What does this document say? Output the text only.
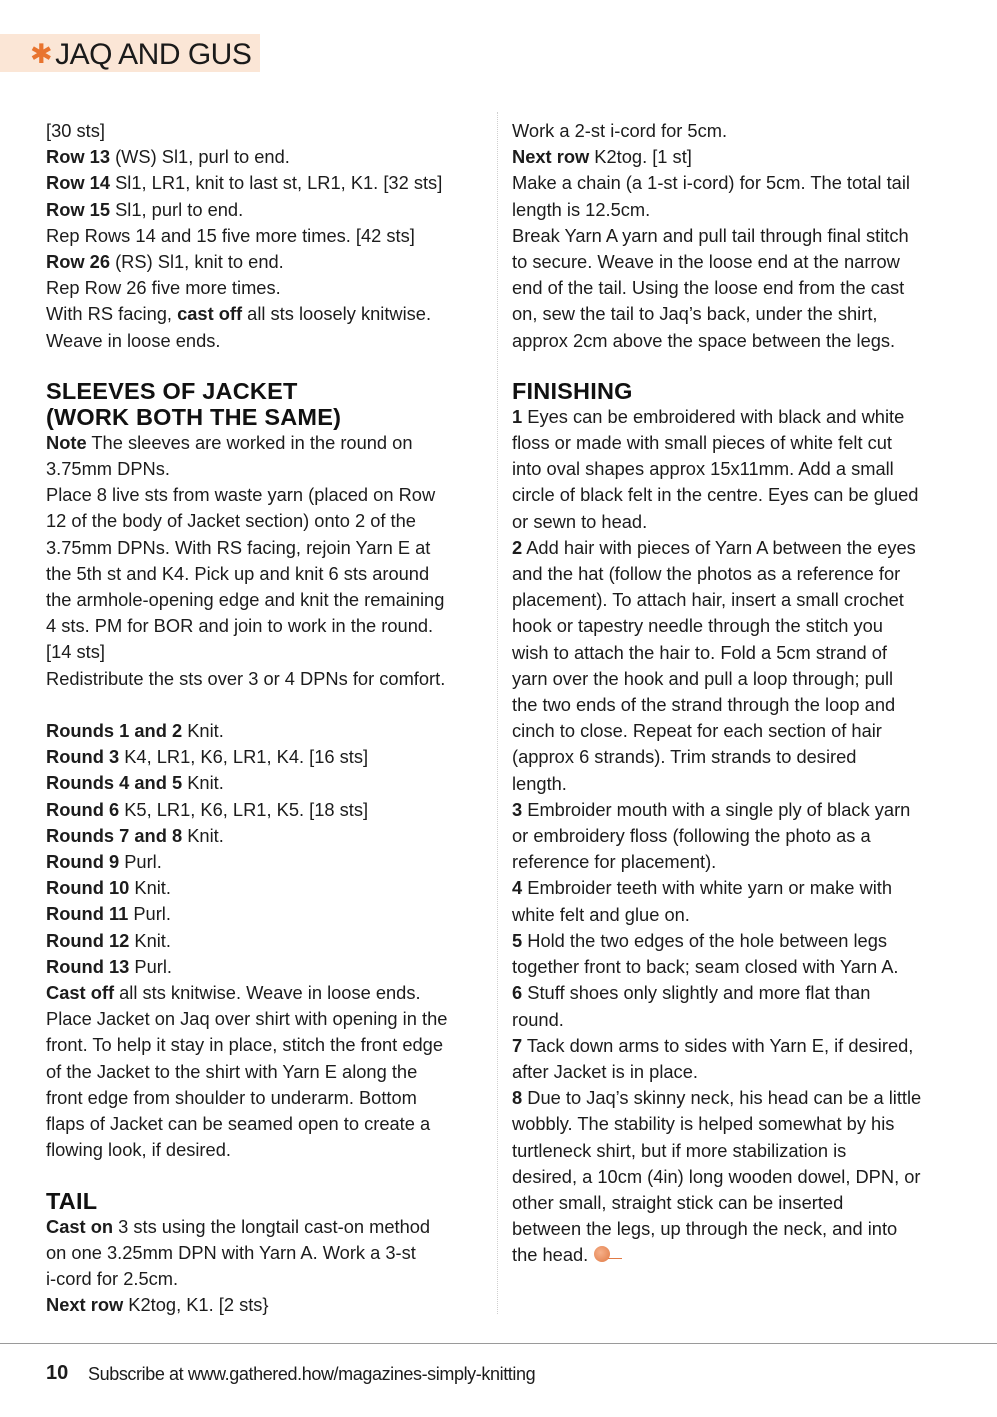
✱ JAQ AND GUS

[30 sts]

Row 13 (WS) Sl1, purl to end.

Row 14 Sl1, LR1, knit to last st, LR1, K1. [32 sts]

Row 15 Sl1, purl to end.

Rep Rows 14 and 15 five more times. [42 sts]

Row 26 (RS) Sl1, knit to end.

Rep Row 26 five more times.

With RS facing, cast off all sts loosely knitwise.

Weave in loose ends.

SLEEVES OF JACKET
(WORK BOTH THE SAME)

Note The sleeves are worked in the round on

3.75mm DPNs.

Place 8 live sts from waste yarn (placed on Row

12 of the body of Jacket section) onto 2 of the

3.75mm DPNs. With RS facing, rejoin Yarn E at

the 5th st and K4. Pick up and knit 6 sts around

the armhole-opening edge and knit the remaining

4 sts. PM for BOR and join to work in the round.

[14 sts]

Redistribute the sts over 3 or 4 DPNs for comfort.

Rounds 1 and 2 Knit.

Round 3 K4, LR1, K6, LR1, K4. [16 sts]

Rounds 4 and 5 Knit.

Round 6 K5, LR1, K6, LR1, K5. [18 sts]

Rounds 7 and 8 Knit.

Round 9 Purl.

Round 10 Knit.

Round 11 Purl.

Round 12 Knit.

Round 13 Purl.

Cast off all sts knitwise. Weave in loose ends.

Place Jacket on Jaq over shirt with opening in the

front. To help it stay in place, stitch the front edge

of the Jacket to the shirt with Yarn E along the

front edge from shoulder to underarm. Bottom

flaps of Jacket can be seamed open to create a

flowing look, if desired.

TAIL

Cast on 3 sts using the longtail cast-on method

on one 3.25mm DPN with Yarn A. Work a 3-st

i-cord for 2.5cm.

Next row K2tog, K1. [2 sts}

Work a 2-st i-cord for 5cm.

Next row K2tog. [1 st]

Make a chain (a 1-st i-cord) for 5cm. The total tail

length is 12.5cm.

Break Yarn A yarn and pull tail through final stitch

to secure. Weave in the loose end at the narrow

end of the tail. Using the loose end from the cast

on, sew the tail to Jaq’s back, under the shirt,

approx 2cm above the space between the legs.

FINISHING

1 Eyes can be embroidered with black and white

floss or made with small pieces of white felt cut

into oval shapes approx 15x11mm. Add a small

circle of black felt in the centre. Eyes can be glued

or sewn to head.

2 Add hair with pieces of Yarn A between the eyes

and the hat (follow the photos as a reference for

placement). To attach hair, insert a small crochet

hook or tapestry needle through the stitch you

wish to attach the hair to. Fold a 5cm strand of

yarn over the hook and pull a loop through; pull

the two ends of the strand through the loop and

cinch to close. Repeat for each section of hair

(approx 6 strands). Trim strands to desired

length.

3 Embroider mouth with a single ply of black yarn

or embroidery floss (following the photo as a

reference for placement).

4 Embroider teeth with white yarn or make with

white felt and glue on.

5 Hold the two edges of the hole between legs

together front to back; seam closed with Yarn A.

6 Stuff shoes only slightly and more flat than

round.

7 Tack down arms to sides with Yarn E, if desired,

after Jacket is in place.

8 Due to Jaq’s skinny neck, his head can be a little

wobbly. The stability is helped somewhat by his

turtleneck shirt, but if more stabilization is

desired, a 10cm (4in) long wooden dowel, DPN, or

other small, straight stick can be inserted

between the legs, up through the neck, and into

the head.

10 Subscribe at www.gathered.how/magazines-simply-knitting
